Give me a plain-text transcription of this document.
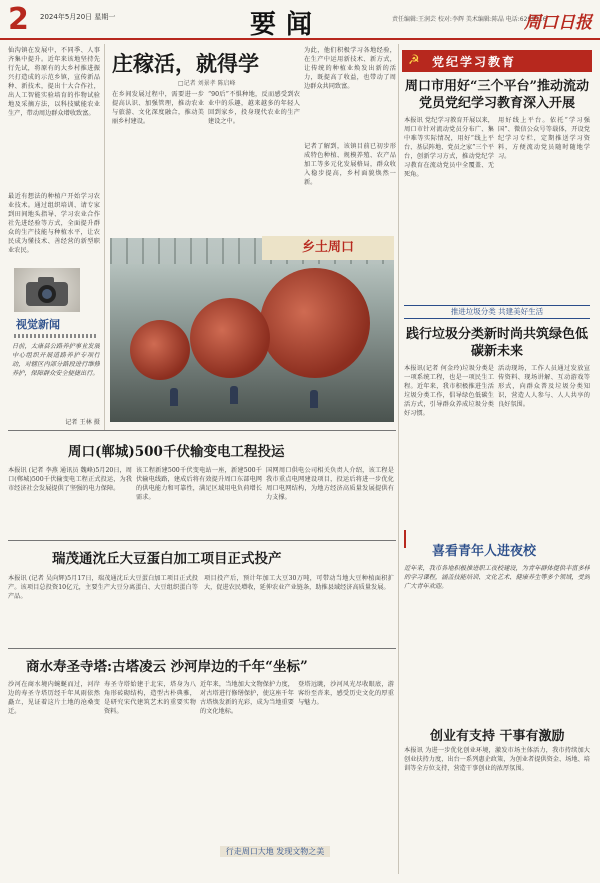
2 2024年5月20日 星期一	要闻	责任编辑:王润芸 校对:李辉 美术编辑:陈晶 电话:6299516
周口日报
仙沟镇在发展中，不同季、人事齐集中提升。近年来该地坚持先行先试，将原有的大乡村推进振兴打造成的示范乡镇，宣传新品种、新技术，提出十大合作社，出人工智能实验培育的作物试验地及采摘方法，以科技赋能农业生产，带动周边群众增收致富。
最近有想法的种植户开始学习农业技术。通过组织培训、请专家到田间地头指导、学习农业合作社先进经验等方式，全面提升群众的生产技能与种植水平，让农民成为懂技术、善经营的新型职业农民。
视觉新闻
日前，太康县公路养护事业发展中心组织开展道路养护专项行动，对辖区内部分路段进行维修养护，保障群众安全便捷出行。
记者 王林 摄
庄稼活，就得学
□记者 刘景孝 陈启峰
在乡间发展过程中，需要进一步提高认识、加强管理，推动农业与旅游、文化深度融合，推动美丽乡村建设。
“90后”不惧种地，反而感受到农业中的乐趣，越来越多的年轻人回到家乡，投身现代农业的生产建设之中。
为此，他们积极学习各地经验，在生产中运用新技术、新方式，让传统的种植业焕发出新的活力，既提高了收益，也带动了周边群众共同致富。
记者了解到，该镇目前已初步形成特色种植、规模养殖、农产品加工等多元化发展格局，群众收入稳步提高，乡村面貌焕然一新。
乡土周口
☭ 党纪学习教育
周口市用好“三个平台”推动流动党员党纪学习教育深入开展
本报讯 党纪学习教育开展以来，周口市针对流动党员分布广、集中难等实际情况，用好“线上平台、基层阵地、党员之家”三个平台，创新学习方式，推动党纪学习教育在流动党员中全覆盖、无死角。
用好线上平台。依托“学习强国”、微信公众号等载体，开设党纪学习专栏，定期推送学习资料，方便流动党员随时随地学习。
推进垃圾分类 共建美好生活
践行垃圾分类新时尚共筑绿色低碳新未来
本报讯(记者 何金玲)垃圾分类是一项系统工程，也是一项民生工程。近年来，我市积极推进生活垃圾分类工作，倡导绿色低碳生活方式，引导群众养成垃圾分类好习惯。
活动现场，工作人员通过发放宣传资料、现场讲解、互动游戏等形式，向群众普及垃圾分类知识，营造人人参与、人人共享的良好氛围。
喜看青年人进夜校
近年来，我市各地积极推进职工夜校建设，为青年群体提供丰富多样的学习课程，涵盖技能培训、文化艺术、健康养生等多个领域，受到广大青年欢迎。
创业有支持 干事有激励
本报讯 为进一步优化创业环境，激发市场主体活力，我市持续加大创业扶持力度，出台一系列惠企政策，为创业者提供资金、场地、培训等全方位支持，营造干事创业的浓厚氛围。
周口(郸城)500千伏输变电工程投运
本报讯 (记者 李燕 通讯员 魏峰)5月20日，周口(郸城)500千伏输变电工程正式投运，为我市经济社会发展提供了坚强的电力保障。
该工程新建500千伏变电站一座，新建500千伏输电线路，建成后将有效提升周口东部电网的供电能力和可靠性，满足区域用电负荷增长需求。
国网周口供电公司相关负责人介绍，该工程是我市重点电网建设项目，投运后将进一步优化周口电网结构，为地方经济高质量发展提供有力支撑。
瑞茂通沈丘大豆蛋白加工项目正式投产
本报讯 (记者 吴向辉)5月17日，瑞茂通沈丘大豆蛋白加工项目正式投产。该项目总投资10亿元，主要生产大豆分离蛋白、大豆组织蛋白等产品。
项目投产后，预计年加工大豆30万吨，可带动当地大豆种植面积扩大，促进农民增收，延伸农业产业链条，助推县域经济高质量发展。
商水寿圣寺塔:古塔凌云 沙河岸边的千年“坐标”
沙河在商水境内蜿蜒而过，河岸边的寿圣寺塔历经千年风雨依然矗立，见证着这片土地的沧桑变迁。
寿圣寺塔始建于北宋，塔身为八角形砖砌结构，造型古朴典雅，是研究宋代建筑艺术的重要实物资料。
近年来，当地加大文物保护力度，对古塔进行修缮保护，使这座千年古塔焕发新的光彩，成为当地重要的文化地标。
登塔远眺，沙河风光尽收眼底，游客纷至沓来，感受历史文化的厚重与魅力。
行走周口大地 发现文物之美
